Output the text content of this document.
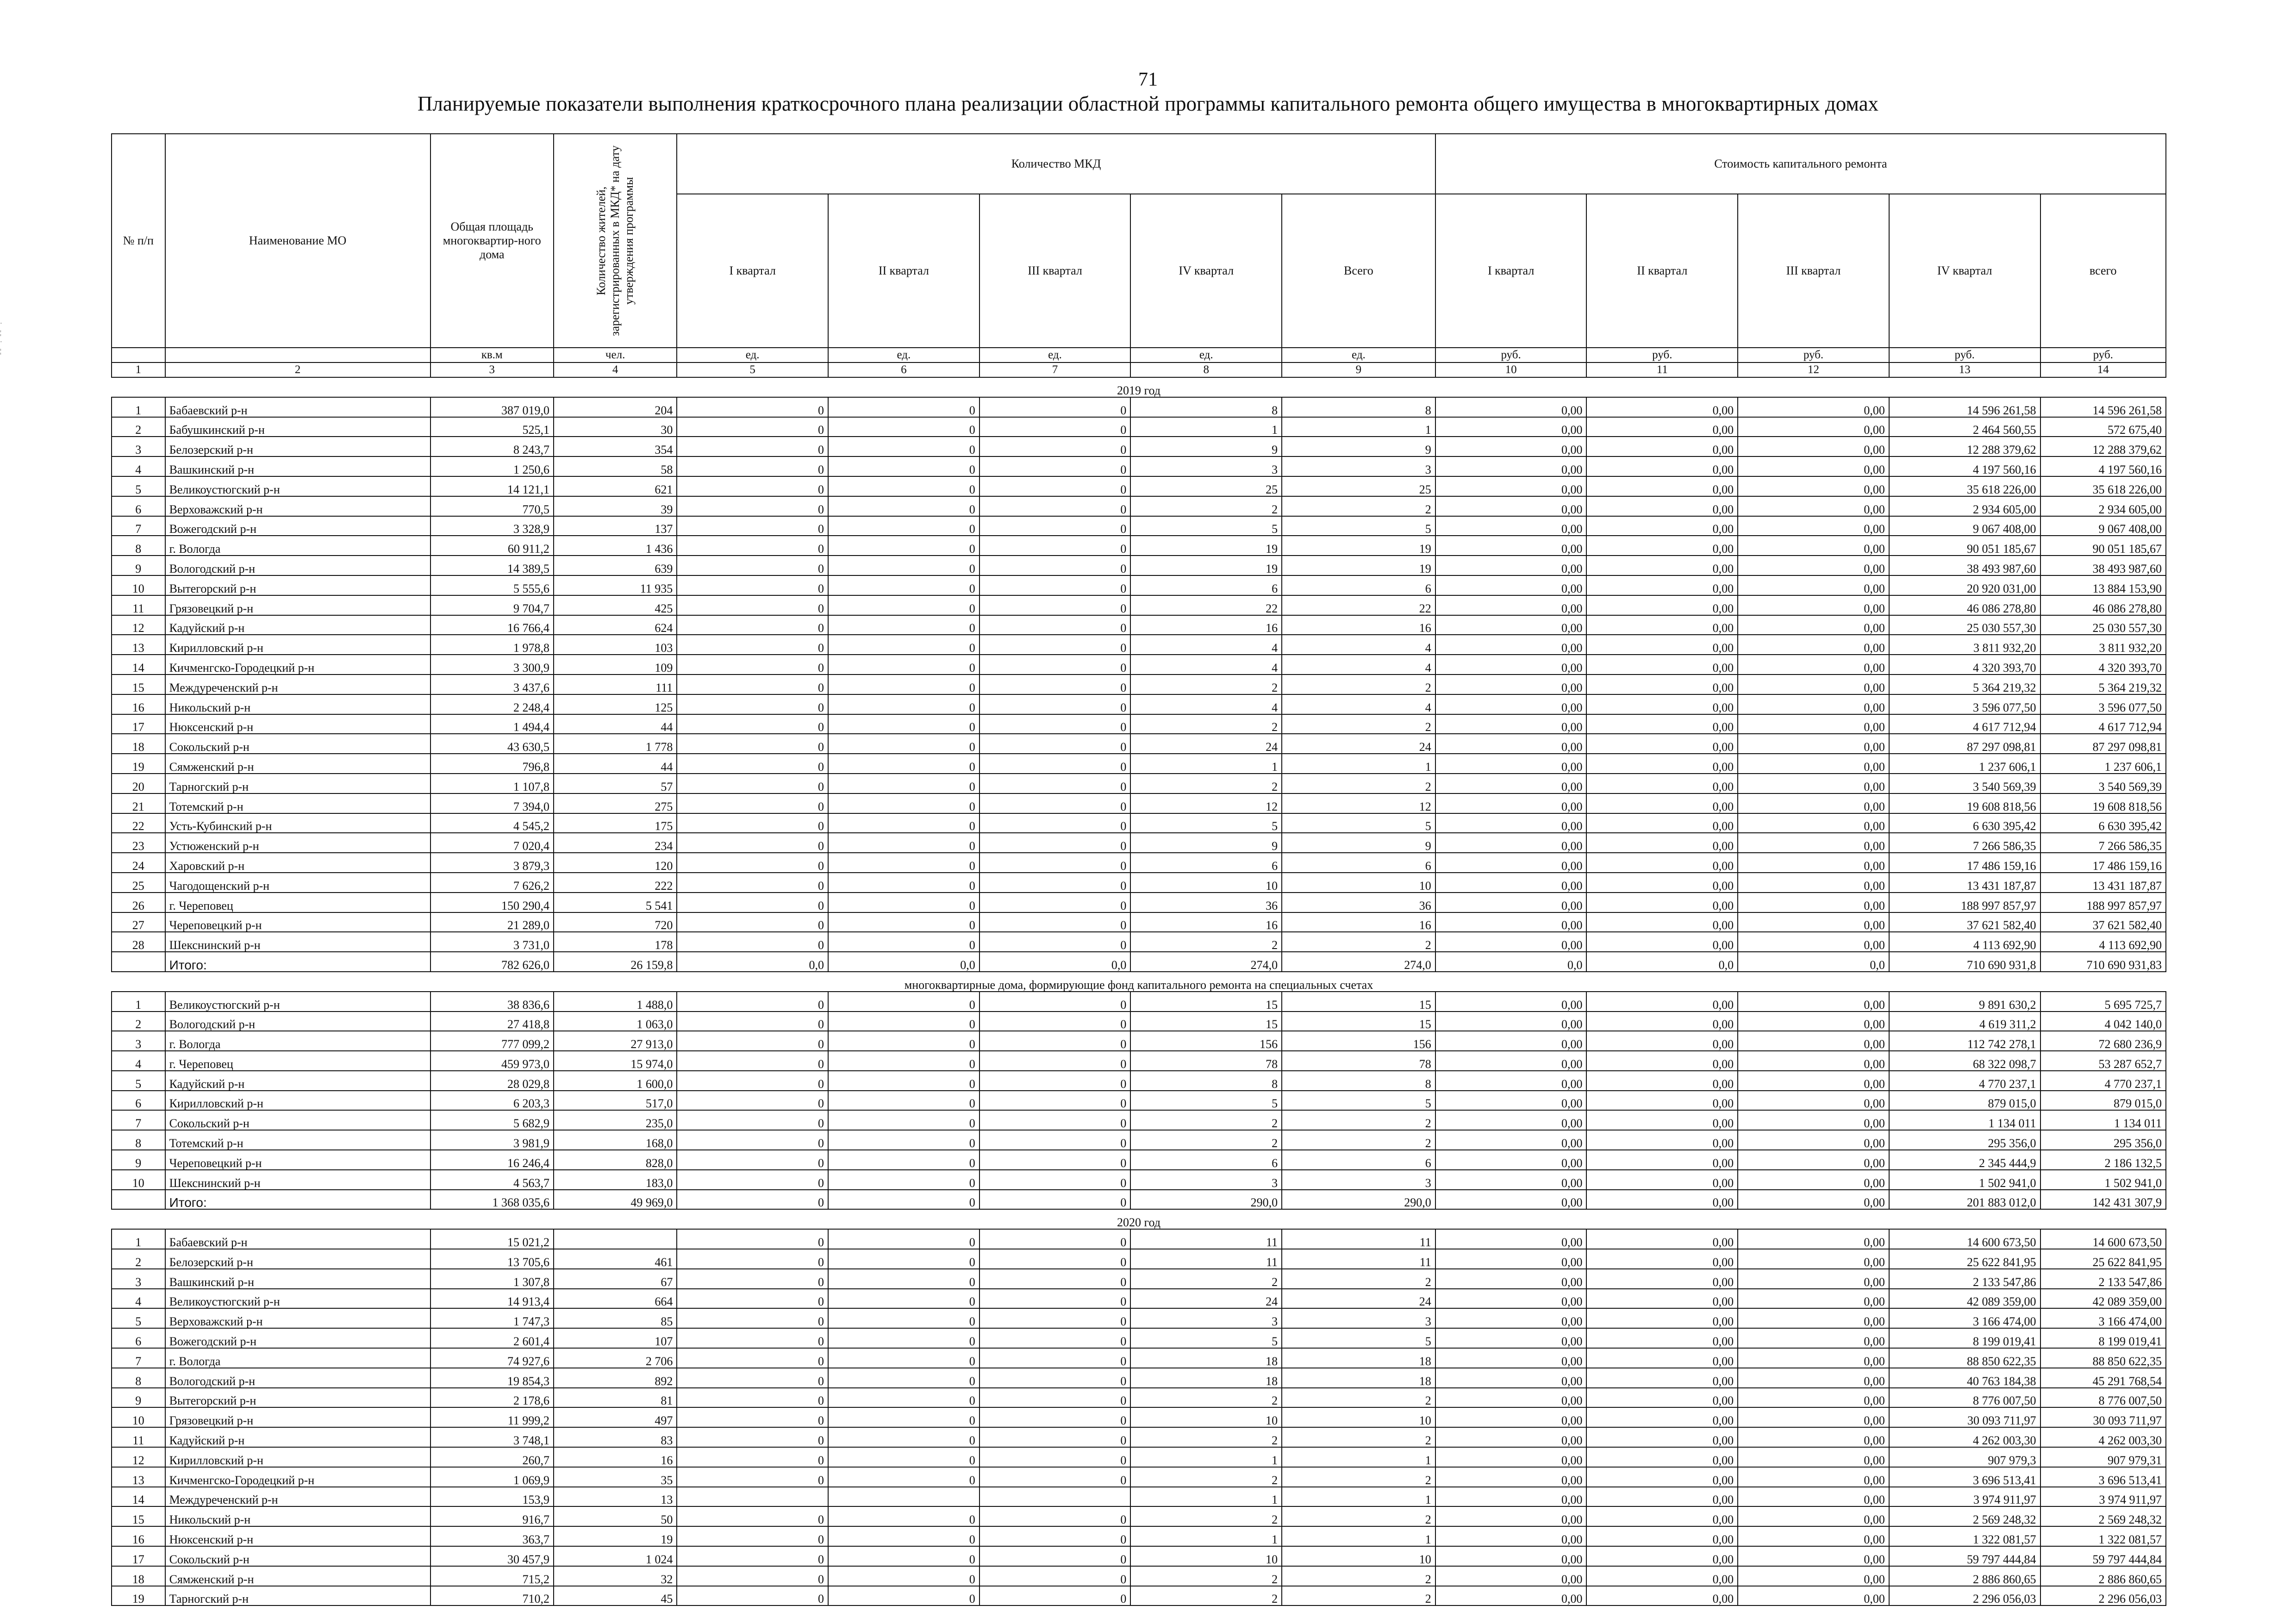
71
Планируемые показатели выполнения краткосрочного плана реализации областной программы капитального ремонта общего имущества в многоквартирных домах
·
¦
·
¦
№ п/п	Наименование МО	Общая площадь многоквартир-ного дома	Количество жителей, зарегистрированных в МКД* на дату утверждения программы	Количество МКД					Стоимость капитального ремонта				
				I квартал	II квартал	III квартал	IV квартал	Всего	I квартал	II квартал	III квартал	IV квартал	всего
		кв.м	чел.	ед.	ед.	ед.	ед.	ед.	руб.	руб.	руб.	руб.	руб.
1	2	3	4	5	6	7	8	9	10	11	12	13	14
2019 год													
1	Бабаевский р-н	387 019,0	204	0	0	0	8	8	0,00	0,00	0,00	14 596 261,58	14 596 261,58
2	Бабушкинский р-н	525,1	30	0	0	0	1	1	0,00	0,00	0,00	2 464 560,55	572 675,40
3	Белозерский р-н	8 243,7	354	0	0	0	9	9	0,00	0,00	0,00	12 288 379,62	12 288 379,62
4	Вашкинский р-н	1 250,6	58	0	0	0	3	3	0,00	0,00	0,00	4 197 560,16	4 197 560,16
5	Великоустюгский р-н	14 121,1	621	0	0	0	25	25	0,00	0,00	0,00	35 618 226,00	35 618 226,00
6	Верховажский р-н	770,5	39	0	0	0	2	2	0,00	0,00	0,00	2 934 605,00	2 934 605,00
7	Вожегодский р-н	3 328,9	137	0	0	0	5	5	0,00	0,00	0,00	9 067 408,00	9 067 408,00
8	г. Вологда	60 911,2	1 436	0	0	0	19	19	0,00	0,00	0,00	90 051 185,67	90 051 185,67
9	Вологодский р-н	14 389,5	639	0	0	0	19	19	0,00	0,00	0,00	38 493 987,60	38 493 987,60
10	Вытегорский р-н	5 555,6	11 935	0	0	0	6	6	0,00	0,00	0,00	20 920 031,00	13 884 153,90
11	Грязовецкий р-н	9 704,7	425	0	0	0	22	22	0,00	0,00	0,00	46 086 278,80	46 086 278,80
12	Кадуйский р-н	16 766,4	624	0	0	0	16	16	0,00	0,00	0,00	25 030 557,30	25 030 557,30
13	Кирилловский р-н	1 978,8	103	0	0	0	4	4	0,00	0,00	0,00	3 811 932,20	3 811 932,20
14	Кичменгско-Городецкий р-н	3 300,9	109	0	0	0	4	4	0,00	0,00	0,00	4 320 393,70	4 320 393,70
15	Междуреченский р-н	3 437,6	111	0	0	0	2	2	0,00	0,00	0,00	5 364 219,32	5 364 219,32
16	Никольский р-н	2 248,4	125	0	0	0	4	4	0,00	0,00	0,00	3 596 077,50	3 596 077,50
17	Нюксенский р-н	1 494,4	44	0	0	0	2	2	0,00	0,00	0,00	4 617 712,94	4 617 712,94
18	Сокольский р-н	43 630,5	1 778	0	0	0	24	24	0,00	0,00	0,00	87 297 098,81	87 297 098,81
19	Сямженский р-н	796,8	44	0	0	0	1	1	0,00	0,00	0,00	1 237 606,1	1 237 606,1
20	Тарногский р-н	1 107,8	57	0	0	0	2	2	0,00	0,00	0,00	3 540 569,39	3 540 569,39
21	Тотемский р-н	7 394,0	275	0	0	0	12	12	0,00	0,00	0,00	19 608 818,56	19 608 818,56
22	Усть-Кубинский р-н	4 545,2	175	0	0	0	5	5	0,00	0,00	0,00	6 630 395,42	6 630 395,42
23	Устюженский р-н	7 020,4	234	0	0	0	9	9	0,00	0,00	0,00	7 266 586,35	7 266 586,35
24	Харовский р-н	3 879,3	120	0	0	0	6	6	0,00	0,00	0,00	17 486 159,16	17 486 159,16
25	Чагодощенский р-н	7 626,2	222	0	0	0	10	10	0,00	0,00	0,00	13 431 187,87	13 431 187,87
26	г. Череповец	150 290,4	5 541	0	0	0	36	36	0,00	0,00	0,00	188 997 857,97	188 997 857,97
27	Череповецкий р-н	21 289,0	720	0	0	0	16	16	0,00	0,00	0,00	37 621 582,40	37 621 582,40
28	Шекснинский р-н	3 731,0	178	0	0	0	2	2	0,00	0,00	0,00	4 113 692,90	4 113 692,90
	Итого:	782 626,0	26 159,8	0,0	0,0	0,0	274,0	274,0	0,0	0,0	0,0	710 690 931,8	710 690 931,83
многоквартирные дома, формирующие фонд капитального ремонта на специальных счетах													
1	Великоустюгский р-н	38 836,6	1 488,0	0	0	0	15	15	0,00	0,00	0,00	9 891 630,2	5 695 725,7
2	Вологодский р-н	27 418,8	1 063,0	0	0	0	15	15	0,00	0,00	0,00	4 619 311,2	4 042 140,0
3	г. Вологда	777 099,2	27 913,0	0	0	0	156	156	0,00	0,00	0,00	112 742 278,1	72 680 236,9
4	г. Череповец	459 973,0	15 974,0	0	0	0	78	78	0,00	0,00	0,00	68 322 098,7	53 287 652,7
5	Кадуйский р-н	28 029,8	1 600,0	0	0	0	8	8	0,00	0,00	0,00	4 770 237,1	4 770 237,1
6	Кирилловский р-н	6 203,3	517,0	0	0	0	5	5	0,00	0,00	0,00	879 015,0	879 015,0
7	Сокольский р-н	5 682,9	235,0	0	0	0	2	2	0,00	0,00	0,00	1 134 011	1 134 011
8	Тотемский р-н	3 981,9	168,0	0	0	0	2	2	0,00	0,00	0,00	295 356,0	295 356,0
9	Череповецкий р-н	16 246,4	828,0	0	0	0	6	6	0,00	0,00	0,00	2 345 444,9	2 186 132,5
10	Шекснинский р-н	4 563,7	183,0	0	0	0	3	3	0,00	0,00	0,00	1 502 941,0	1 502 941,0
	Итого:	1 368 035,6	49 969,0	0	0	0	290,0	290,0	0,00	0,00	0,00	201 883 012,0	142 431 307,9
2020 год													
1	Бабаевский р-н	15 021,2		0	0	0	11	11	0,00	0,00	0,00	14 600 673,50	14 600 673,50
2	Белозерский р-н	13 705,6	461	0	0	0	11	11	0,00	0,00	0,00	25 622 841,95	25 622 841,95
3	Вашкинский р-н	1 307,8	67	0	0	0	2	2	0,00	0,00	0,00	2 133 547,86	2 133 547,86
4	Великоустюгский р-н	14 913,4	664	0	0	0	24	24	0,00	0,00	0,00	42 089 359,00	42 089 359,00
5	Верховажский р-н	1 747,3	85	0	0	0	3	3	0,00	0,00	0,00	3 166 474,00	3 166 474,00
6	Вожегодский р-н	2 601,4	107	0	0	0	5	5	0,00	0,00	0,00	8 199 019,41	8 199 019,41
7	г. Вологда	74 927,6	2 706	0	0	0	18	18	0,00	0,00	0,00	88 850 622,35	88 850 622,35
8	Вологодский р-н	19 854,3	892	0	0	0	18	18	0,00	0,00	0,00	40 763 184,38	45 291 768,54
9	Вытегорский р-н	2 178,6	81	0	0	0	2	2	0,00	0,00	0,00	8 776 007,50	8 776 007,50
10	Грязовецкий р-н	11 999,2	497	0	0	0	10	10	0,00	0,00	0,00	30 093 711,97	30 093 711,97
11	Кадуйский р-н	3 748,1	83	0	0	0	2	2	0,00	0,00	0,00	4 262 003,30	4 262 003,30
12	Кирилловский р-н	260,7	16	0	0	0	1	1	0,00	0,00	0,00	907 979,3	907 979,31
13	Кичменгско-Городецкий р-н	1 069,9	35	0	0	0	2	2	0,00	0,00	0,00	3 696 513,41	3 696 513,41
14	Междуреченский р-н	153,9	13				1	1	0,00	0,00	0,00	3 974 911,97	3 974 911,97
15	Никольский р-н	916,7	50	0	0	0	2	2	0,00	0,00	0,00	2 569 248,32	2 569 248,32
16	Нюксенский р-н	363,7	19	0	0	0	1	1	0,00	0,00	0,00	1 322 081,57	1 322 081,57
17	Сокольский р-н	30 457,9	1 024	0	0	0	10	10	0,00	0,00	0,00	59 797 444,84	59 797 444,84
18	Сямженский р-н	715,2	32	0	0	0	2	2	0,00	0,00	0,00	2 886 860,65	2 886 860,65
19	Тарногский р-н	710,2	45	0	0	0	2	2	0,00	0,00	0,00	2 296 056,03	2 296 056,03
